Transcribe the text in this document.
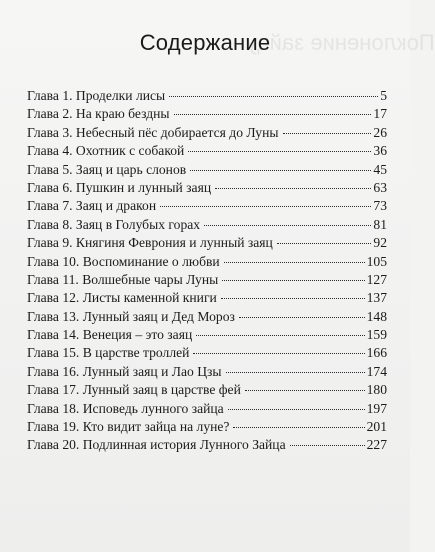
Поклонение зайцу
Содержание
Глава 1. Проделки лисы	5
Глава 2. На краю бездны	17
Глава 3. Небесный пёс добирается до Луны	26
Глава 4. Охотник с собакой	36
Глава 5. Заяц и царь слонов	45
Глава 6. Пушкин и лунный заяц	63
Глава 7. Заяц и дракон	73
Глава 8. Заяц в Голубых горах	81
Глава 9. Княгиня Феврония и лунный заяц	92
Глава 10. Воспоминание о любви	105
Глава 11. Волшебные чары Луны	127
Глава 12. Листы каменной книги	137
Глава 13. Лунный заяц и Дед Мороз	148
Глава 14. Венеция – это заяц	159
Глава 15. В царстве троллей	166
Глава 16. Лунный заяц и Лао Цзы	174
Глава 17. Лунный заяц в царстве фей	180
Глава 18. Исповедь лунного зайца	197
Глава 19. Кто видит зайца на луне?	201
Глава 20. Подлинная история Лунного Зайца	227
